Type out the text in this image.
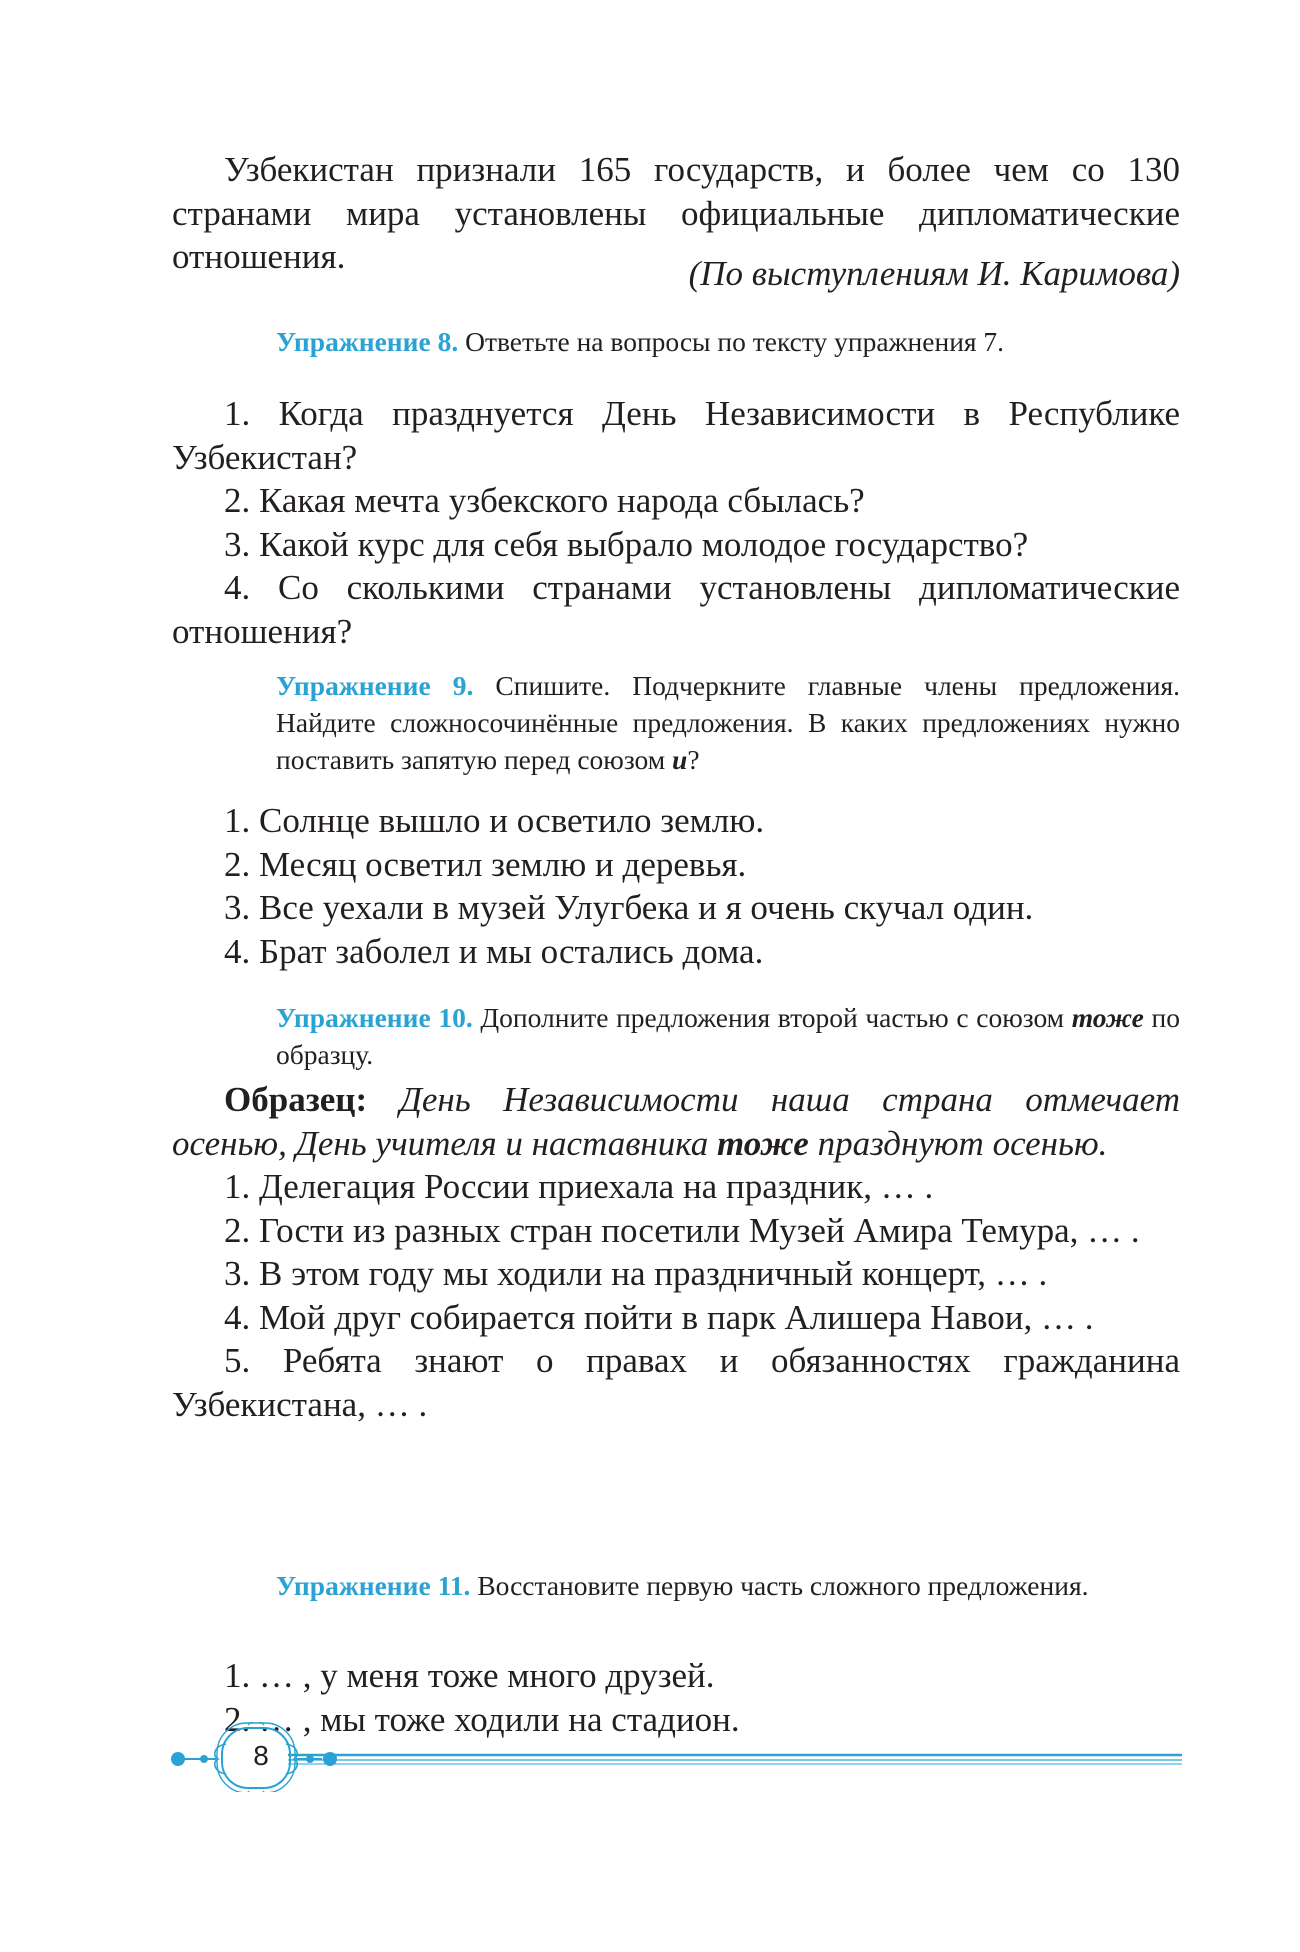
Узбекистан признали 165 государств, и более чем со 130 странами мира установлены официальные дипломатические отношения.	(По выступлениям И. Каримова)
Упражнение 8. Ответьте на вопросы по тексту упражнения 7.

1. Когда празднуется День Независимости в Республике Узбекистан?

2. Какая мечта узбекского народа сбылась?

3. Какой курс для себя выбрало молодое государство?

4. Со сколькими странами установлены дипломатические отношения?

Упражнение 9. Спишите. Подчеркните главные члены предложения. Найдите сложносочинённые предложения. В каких предложениях нужно поставить запятую перед союзом и?

1. Солнце вышло и осветило землю.

2. Месяц осветил землю и деревья.

3. Все уехали в музей Улугбека и я очень скучал один.

4. Брат заболел и мы остались дома.

Упражнение 10. Дополните предложения второй частью с союзом тоже по образцу.

Образец: День Независимости наша страна отмечает осенью, День учителя и наставника тоже празднуют осенью.

1. Делегация России приехала на праздник, … .

2. Гости из разных стран посетили Музей Амира Темура, … .

3. В этом году мы ходили на праздничный концерт, … .

4. Мой друг собирается пойти в парк Алишера Навои, … .

5. Ребята знают о правах и обязанностях гражданина Узбекистана, … .

Упражнение 11. Восстановите первую часть сложного предложения.

1. … , у меня тоже много друзей.

2. … , мы тоже ходили на стадион.

8
